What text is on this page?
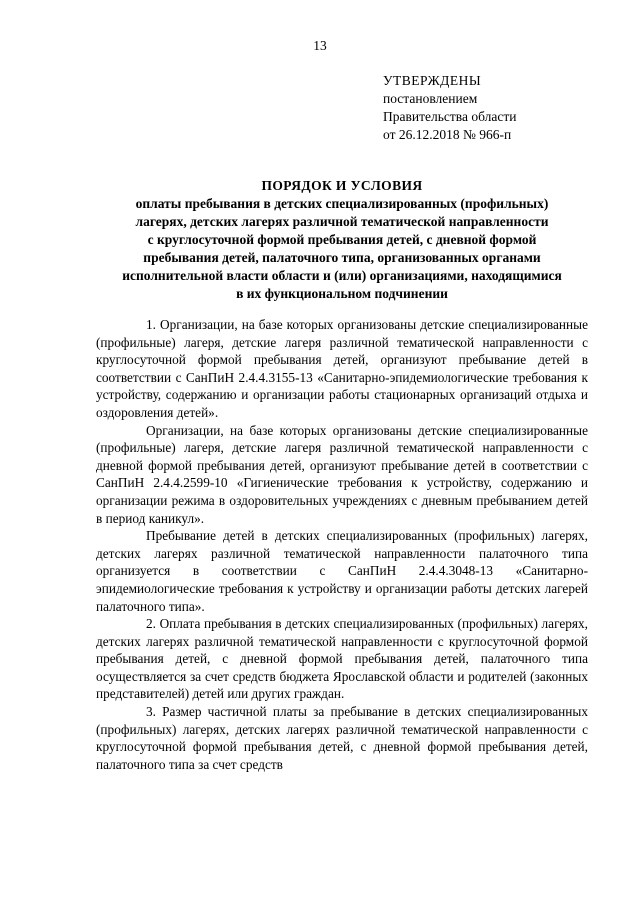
13
УТВЕРЖДЕНЫ
постановлением
Правительства области
от 26.12.2018 № 966-п
ПОРЯДОК И УСЛОВИЯ
оплаты пребывания в детских специализированных (профильных)
лагерях, детских лагерях различной тематической направленности
с круглосуточной формой пребывания детей, с дневной формой
пребывания детей, палаточного типа, организованных органами
исполнительной власти области и (или) организациями, находящимися
в их функциональном подчинении

1. Организации, на базе которых организованы детские специализированные (профильные) лагеря, детские лагеря различной тематической направленности с круглосуточной формой пребывания детей, организуют пребывание детей в соответствии с СанПиН 2.4.4.3155-13 «Санитарно-эпидемиологические требования к устройству, содержанию и организации работы стационарных организаций отдыха и оздоровления детей».

Организации, на базе которых организованы детские специализированные (профильные) лагеря, детские лагеря различной тематической направленности с дневной формой пребывания детей, организуют пребывание детей в соответствии с СанПиН 2.4.4.2599-10 «Гигиенические требования к устройству, содержанию и организации режима в оздоровительных учреждениях с дневным пребыванием детей в период каникул».

Пребывание детей в детских специализированных (профильных) лагерях, детских лагерях различной тематической направленности палаточного типа организуется в соответствии с СанПиН 2.4.4.3048-13 «Санитарно-эпидемиологические требования к устройству и организации работы детских лагерей палаточного типа».

2. Оплата пребывания в детских специализированных (профильных) лагерях, детских лагерях различной тематической направленности с круглосуточной формой пребывания детей, с дневной формой пребывания детей, палаточного типа осуществляется за счет средств бюджета Ярославской области и родителей (законных представителей) детей или других граждан.

3. Размер частичной платы за пребывание в детских специализированных (профильных) лагерях, детских лагерях различной тематической направленности с круглосуточной формой пребывания детей, с дневной формой пребывания детей, палаточного типа за счет средств
